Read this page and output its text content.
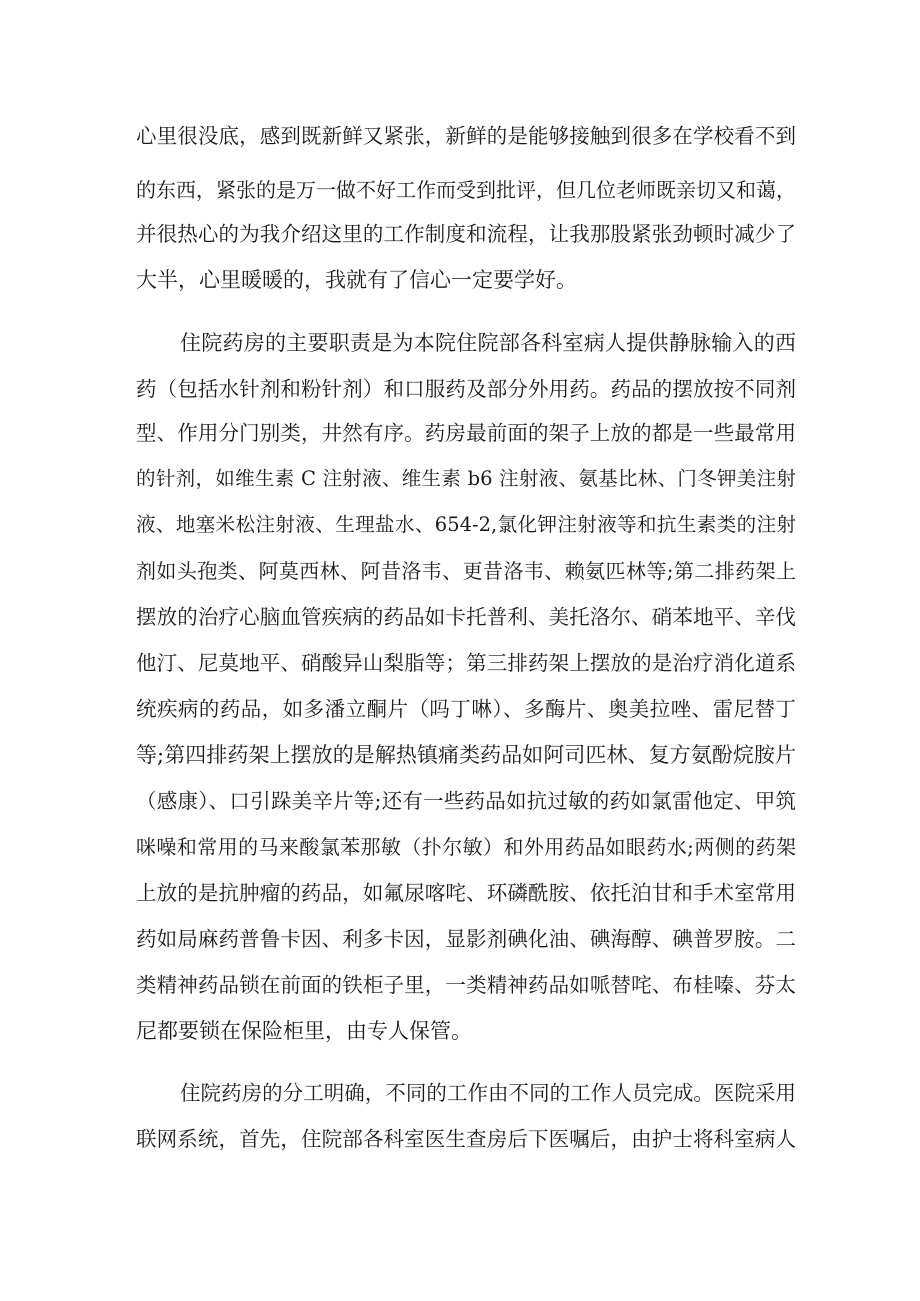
心里很没底，感到既新鲜又紧张，新鲜的是能够接触到很多在学校看不到

的东西，紧张的是万一做不好工作而受到批评，但几位老师既亲切又和蔼，

并很热心的为我介绍这里的工作制度和流程，让我那股紧张劲顿时减少了

大半，心里暖暖的，我就有了信心一定要学好。

住院药房的主要职责是为本院住院部各科室病人提供静脉输入的西

药（包括水针剂和粉针剂）和口服药及部分外用药。药品的摆放按不同剂

型、作用分门别类，井然有序。药房最前面的架子上放的都是一些最常用

的针剂，如维生素 C 注射液、维生素 b6 注射液、氨基比林、门冬钾美注射

液、地塞米松注射液、生理盐水、654-2,氯化钾注射液等和抗生素类的注射

剂如头孢类、阿莫西林、阿昔洛韦、更昔洛韦、赖氨匹林等;第二排药架上

摆放的治疗心脑血管疾病的药品如卡托普利、美托洛尔、硝苯地平、辛伐

他汀、尼莫地平、硝酸异山梨脂等；第三排药架上摆放的是治疗消化道系

统疾病的药品，如多潘立酮片（吗丁啉）、多酶片、奥美拉唑、雷尼替丁

等;第四排药架上摆放的是解热镇痛类药品如阿司匹林、复方氨酚烷胺片

（感康）、口引跺美辛片等;还有一些药品如抗过敏的药如氯雷他定、甲筑

咪噪和常用的马来酸氯苯那敏（扑尔敏）和外用药品如眼药水;两侧的药架

上放的是抗肿瘤的药品，如氟尿喀咤、环磷酰胺、依托泊甘和手术室常用

药如局麻药普鲁卡因、利多卡因，显影剂碘化油、碘海醇、碘普罗胺。二

类精神药品锁在前面的铁柜子里，一类精神药品如哌替咤、布桂嗪、芬太

尼都要锁在保险柜里，由专人保管。

住院药房的分工明确，不同的工作由不同的工作人员完成。医院采用

联网系统，首先，住院部各科室医生查房后下医嘱后，由护士将科室病人
